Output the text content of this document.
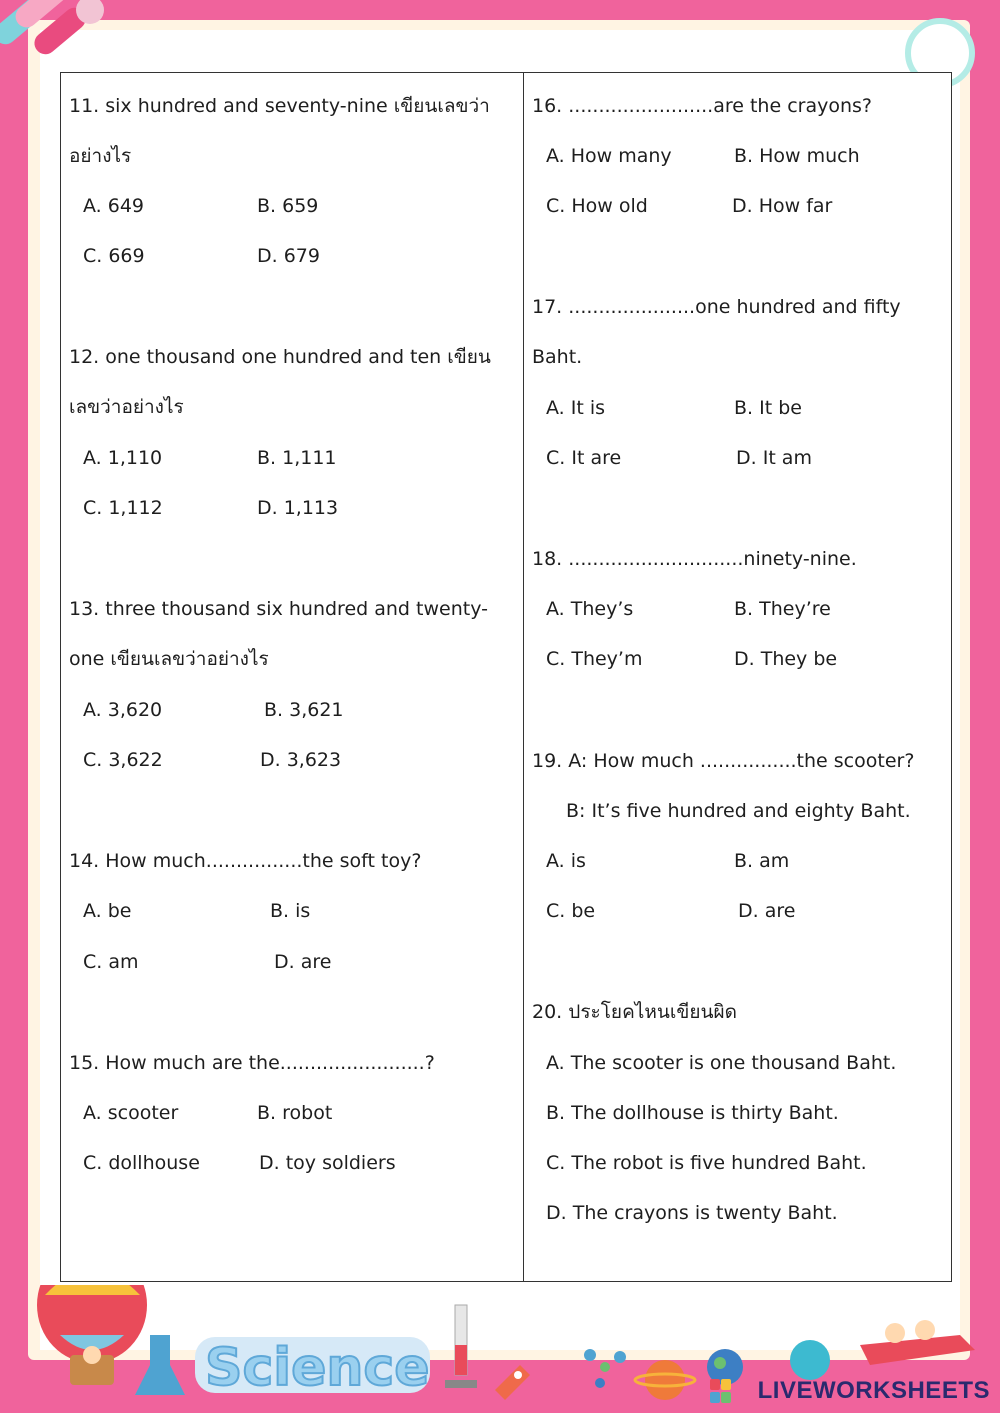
11. six hundred and seventy-nine เขียนเลขว่า
อย่างไร
A. 649	B. 659
C. 669	D. 679
12. one thousand one hundred and ten เขียน
เลขว่าอย่างไร
A. 1,110	B. 1,111
C. 1,112	D. 1,113
13. three thousand six hundred and twenty-
one เขียนเลขว่าอย่างไร
A. 3,620	B. 3,621
C. 3,622	D. 3,623
14. How much................the soft toy?
A. be	B. is
C. am	D. are
15. How much are the........................?
A. scooter	B. robot
C. dollhouse	D. toy soldiers
16. ........................are the crayons?
A. How many	B. How much
C. How old	D. How far
17. .....................one hundred and fifty
Baht.
A. It is	B. It be
C. It are	D. It am
18. .............................ninety-nine.
A. They’s	B. They’re
C. They’m	D. They be
19. A: How much ................the scooter?
B: It’s five hundred and eighty Baht.
A. is	B. am
C. be	D. are
20. ประโยคไหนเขียนผิด
A. The scooter is one thousand Baht.
B. The dollhouse is thirty Baht.
C. The robot is five hundred Baht.
D. The crayons is twenty Baht.
Science	LIVEWORKSHEETS
